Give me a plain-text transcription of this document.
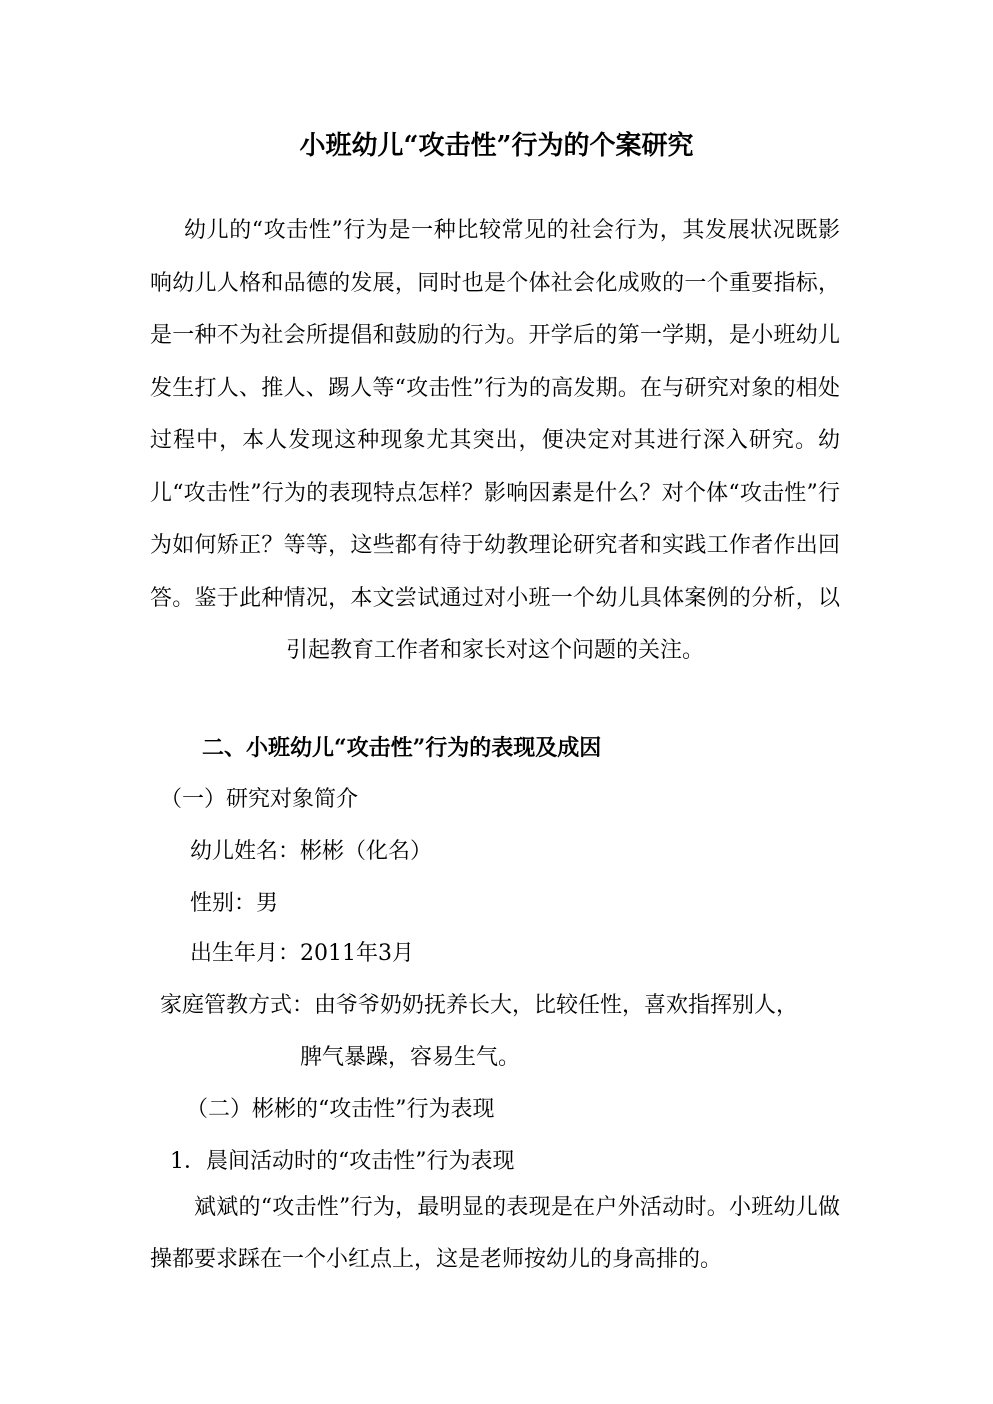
小班幼儿“攻击性”行为的个案研究

幼儿的“攻击性”行为是一种比较常见的社会行为，其发展状况既影响幼儿人格和品德的发展，同时也是个体社会化成败的一个重要指标，是一种不为社会所提倡和鼓励的行为。开学后的第一学期，是小班幼儿发生打人、推人、踢人等“攻击性”行为的高发期。在与研究对象的相处过程中，本人发现这种现象尤其突出，便决定对其进行深入研究。幼儿“攻击性”行为的表现特点怎样？影响因素是什么？对个体“攻击性”行为如何矫正？等等，这些都有待于幼教理论研究者和实践工作者作出回答。鉴于此种情况，本文尝试通过对小班一个幼儿具体案例的分析，以引起教育工作者和家长对这个问题的关注。

二、小班幼儿“攻击性”行为的表现及成因

（一）研究对象简介

幼儿姓名：彬彬（化名）

性别：男

出生年月：2011年3月

家庭管教方式：由爷爷奶奶抚养长大，比较任性，喜欢指挥别人，

脾气暴躁，容易生气。

（二）彬彬的“攻击性”行为表现

1．晨间活动时的“攻击性”行为表现

斌斌的“攻击性”行为，最明显的表现是在户外活动时。小班幼儿做操都要求踩在一个小红点上，这是老师按幼儿的身高排的。
